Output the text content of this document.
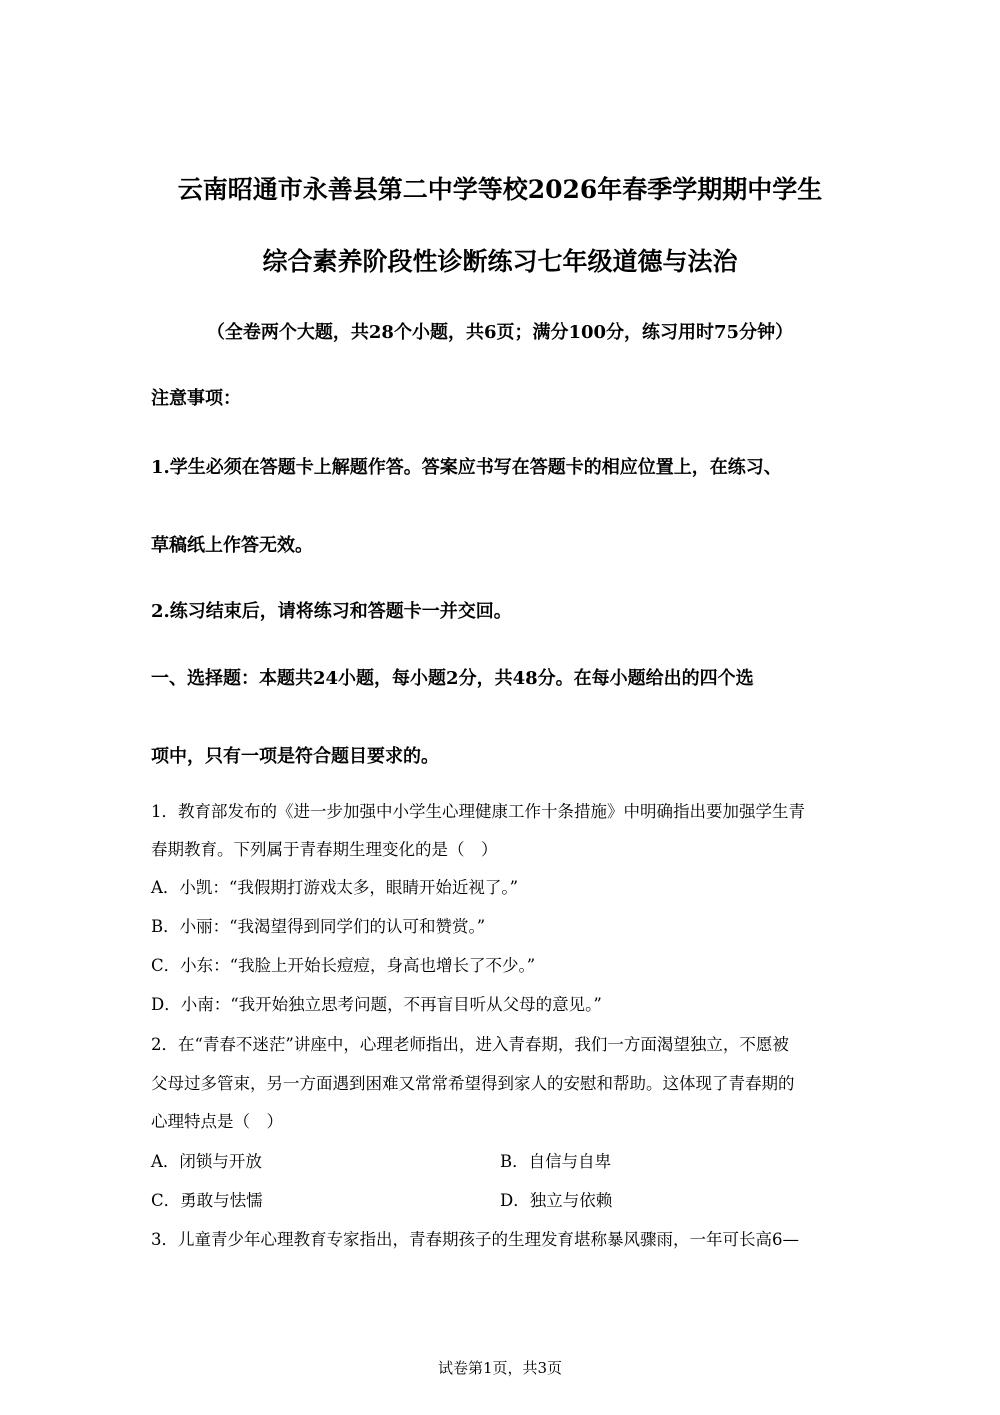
云南昭通市永善县第二中学等校2026年春季学期期中学生
综合素养阶段性诊断练习七年级道德与法治
（全卷两个大题，共28个小题，共6页；满分100分，练习用时75分钟）
注意事项：
1.学生必须在答题卡上解题作答。答案应书写在答题卡的相应位置上，在练习、
草稿纸上作答无效。
2.练习结束后，请将练习和答题卡一并交回。
一、选择题：本题共24小题，每小题2分，共48分。在每小题给出的四个选
项中，只有一项是符合题目要求的。
1．教育部发布的《进一步加强中小学生心理健康工作十条措施》中明确指出要加强学生青
春期教育。下列属于青春期生理变化的是（　）
A．小凯：“我假期打游戏太多，眼睛开始近视了。”
B．小丽：“我渴望得到同学们的认可和赞赏。”
C．小东：“我脸上开始长痘痘，身高也增长了不少。”
D．小南：“我开始独立思考问题，不再盲目听从父母的意见。”
2．在“青春不迷茫”讲座中，心理老师指出，进入青春期，我们一方面渴望独立，不愿被
父母过多管束，另一方面遇到困难又常常希望得到家人的安慰和帮助。这体现了青春期的
心理特点是（　）
A．闭锁与开放	B．自信与自卑
C．勇敢与怯懦	D．独立与依赖
3．儿童青少年心理教育专家指出，青春期孩子的生理发育堪称暴风骤雨，一年可长高6—
试卷第1页，共3页
